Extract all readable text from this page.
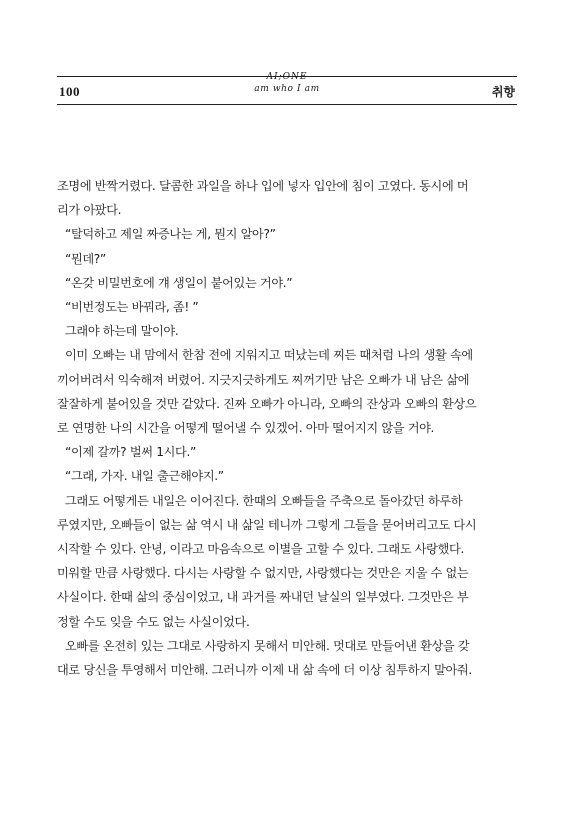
100
AI;ONE
am who I am	취향

조명에 반짝거렸다. 달콤한 과일을 하나 입에 넣자 입안에 침이 고였다. 동시에 머
리가 아팠다.

“탈덕하고 제일 짜증나는 게, 뭔지 알아?”

“뭔데?”

“온갖 비밀번호에 걔 생일이 붙어있는 거야.”

“비번정도는 바꿔라, 좀! ”

그래야 하는데 말이야.

이미 오빠는 내 맘에서 한참 전에 지워지고 떠났는데 찌든 때처럼 나의 생활 속에
끼어버려서 익숙해져 버렸어. 지긋지긋하게도 찌꺼기만 남은 오빠가 내 남은 삶에
잘잘하게 붙어있을 것만 같았다. 진짜 오빠가 아니라, 오빠의 잔상과 오빠의 환상으
로 연명한 나의 시간을 어떻게 떨어낼 수 있겠어. 아마 떨어지지 않을 거야.

“이제 갈까? 벌써 1시다.”

“그래, 가자. 내일 출근해야지.”

그래도 어떻게든 내일은 이어진다. 한때의 오빠들을 주축으로 돌아갔던 하루하
루였지만, 오빠들이 없는 삶 역시 내 삶일 테니까 그렇게 그들을 묻어버리고도 다시
시작할 수 있다. 안녕, 이라고 마음속으로 이별을 고할 수 있다. 그래도 사랑했다.
미워할 만큼 사랑했다. 다시는 사랑할 수 없지만, 사랑했다는 것만은 지울 수 없는
사실이다. 한때 삶의 중심이었고, 내 과거를 짜내던 날실의 일부였다. 그것만은 부
정할 수도 잊을 수도 없는 사실이었다.

오빠를 온전히 있는 그대로 사랑하지 못해서 미안해. 멋대로 만들어낸 환상을 갖
대로 당신을 투영해서 미안해. 그러니까 이제 내 삶 속에 더 이상 침투하지 말아줘.
